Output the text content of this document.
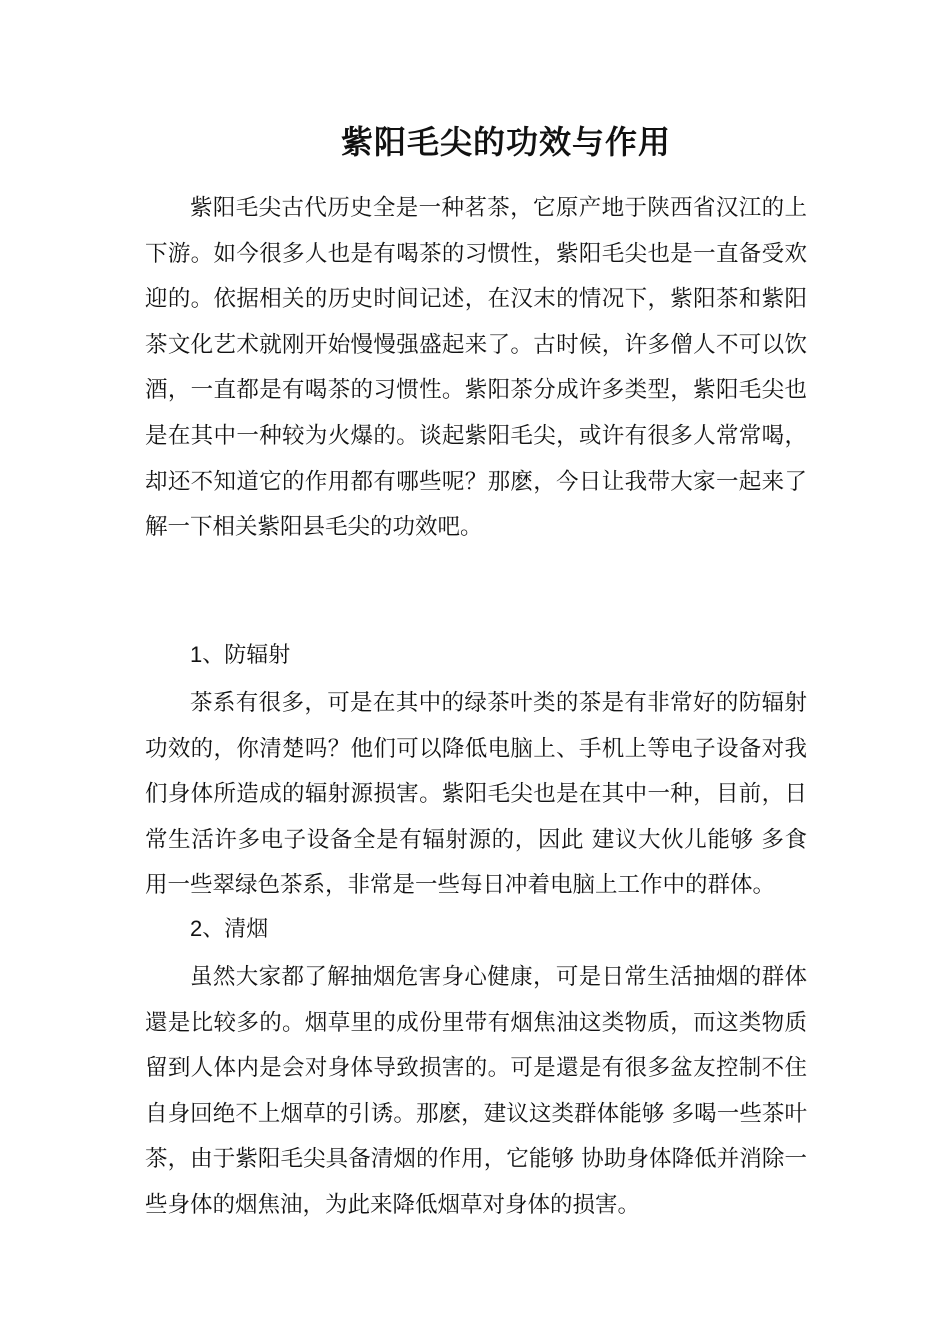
紫阳毛尖的功效与作用

紫阳毛尖古代历史全是一种茗茶，它原产地于陕西省汉江的上下游。如今很多人也是有喝茶的习惯性，紫阳毛尖也是一直备受欢迎的。依据相关的历史时间记述，在汉末的情况下，紫阳茶和紫阳茶文化艺术就刚开始慢慢强盛起来了。古时候，许多僧人不可以饮酒，一直都是有喝茶的习惯性。紫阳茶分成许多类型，紫阳毛尖也是在其中一种较为火爆的。谈起紫阳毛尖，或许有很多人常常喝，却还不知道它的作用都有哪些呢？那麽，今日让我带大家一起来了解一下相关紫阳县毛尖的功效吧。

1、防辐射

茶系有很多，可是在其中的绿茶叶类的茶是有非常好的防辐射功效的，你清楚吗？他们可以降低电脑上、手机上等电子设备对我们身体所造成的辐射源损害。紫阳毛尖也是在其中一种，目前，日常生活许多电子设备全是有辐射源的，因此 建议大伙儿能够 多食用一些翠绿色茶系，非常是一些每日冲着电脑上工作中的群体。

2、清烟

虽然大家都了解抽烟危害身心健康，可是日常生活抽烟的群体還是比较多的。烟草里的成份里带有烟焦油这类物质，而这类物质留到人体内是会对身体导致损害的。可是還是有很多盆友控制不住自身回绝不上烟草的引诱。那麽，建议这类群体能够 多喝一些茶叶茶，由于紫阳毛尖具备清烟的作用，它能够 协助身体降低并消除一些身体的烟焦油，为此来降低烟草对身体的损害。
